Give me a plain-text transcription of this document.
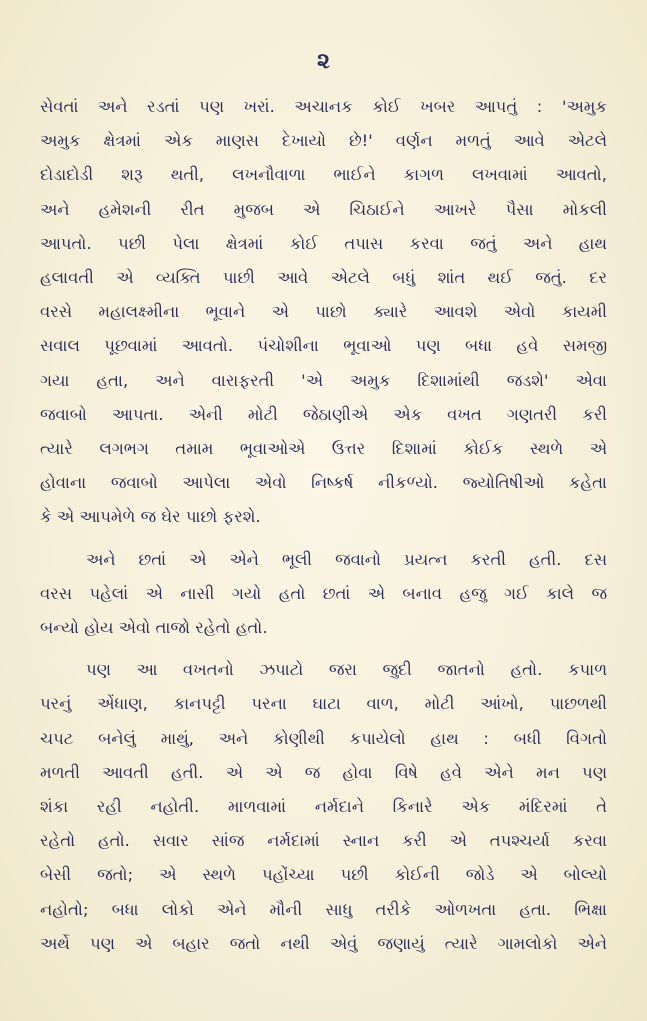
૨
સેવતાં અને રડતાં પણ ખરાં. અચાનક કોઈ ખબર આપતું : 'અમુક
અમુક ક્ષેત્રમાં એક માણસ દેખાયો છે!' વર્ણન મળતું આવે એટલે
દોડાદોડી શરૂ થતી, લખનૌવાળા ભાઈને કાગળ લખવામાં આવતો,
અને હમેશની રીત મુજબ એ ચિઠાઈને આખરે પૈસા મોકલી
આપતો. પછી પેલા ક્ષેત્રમાં કોઈ તપાસ કરવા જતું અને હાથ
હલાવતી એ વ્યક્તિ પાછી આવે એટલે બધું શાંત થઈ જતું. દર
વરસે મહાલક્ષ્મીના ભૂવાને એ પાછો ક્યારે આવશે એવો કાયમી
સવાલ પૂછવામાં આવતો. પંચોશીના ભૂવાઓ પણ બધા હવે સમજી
ગયા હતા, અને વારાફરતી 'એ અમુક દિશામાંથી જડશે' એવા
જવાબો આપતા. એની મોટી જેઠાણીએ એક વખત ગણતરી કરી
ત્યારે લગભગ તમામ ભૂવાઓએ ઉત્તર દિશામાં કોઈક સ્થળે એ
હોવાના જવાબો આપેલા એવો નિષ્કર્ષ નીકળ્યો. જ્યોતિષીઓ કહેતા
કે એ આપમેળે જ ઘેર પાછો ફરશે.
અને છતાં એ એને ભૂલી જવાનો પ્રયત્ન કરતી હતી. દસ
વરસ પહેલાં એ નાસી ગયો હતો છતાં એ બનાવ હજુ ગઈ કાલે જ
બન્યો હોય એવો તાજો રહેતો હતો.
પણ આ વખતનો ઝપાટો જરા જુદી જાતનો હતો. કપાળ
પરનું એંધાણ, કાનપટ્ટી પરના ઘાટા વાળ, મોટી આંખો, પાછળથી
ચપટ બનેલું માથું, અને કોણીથી કપાયેલો હાથ : બધી વિગતો
મળતી આવતી હતી. એ એ જ હોવા વિષે હવે એને મન પણ
શંકા રહી નહોતી. માળવામાં નર્મદાને કિનારે એક મંદિરમાં તે
રહેતો હતો. સવાર સાંજ નર્મદામાં સ્નાન કરી એ તપશ્ચર્યા કરવા
બેસી જતો; એ સ્થળે પહોંચ્યા પછી કોઈની જોડે એ બોલ્યો
નહોતો; બધા લોકો એને મૌની સાધુ તરીકે ઓળખતા હતા. ભિક્ષા
અર્થે પણ એ બહાર જતો નથી એવું જણાયું ત્યારે ગામલોકો એને
